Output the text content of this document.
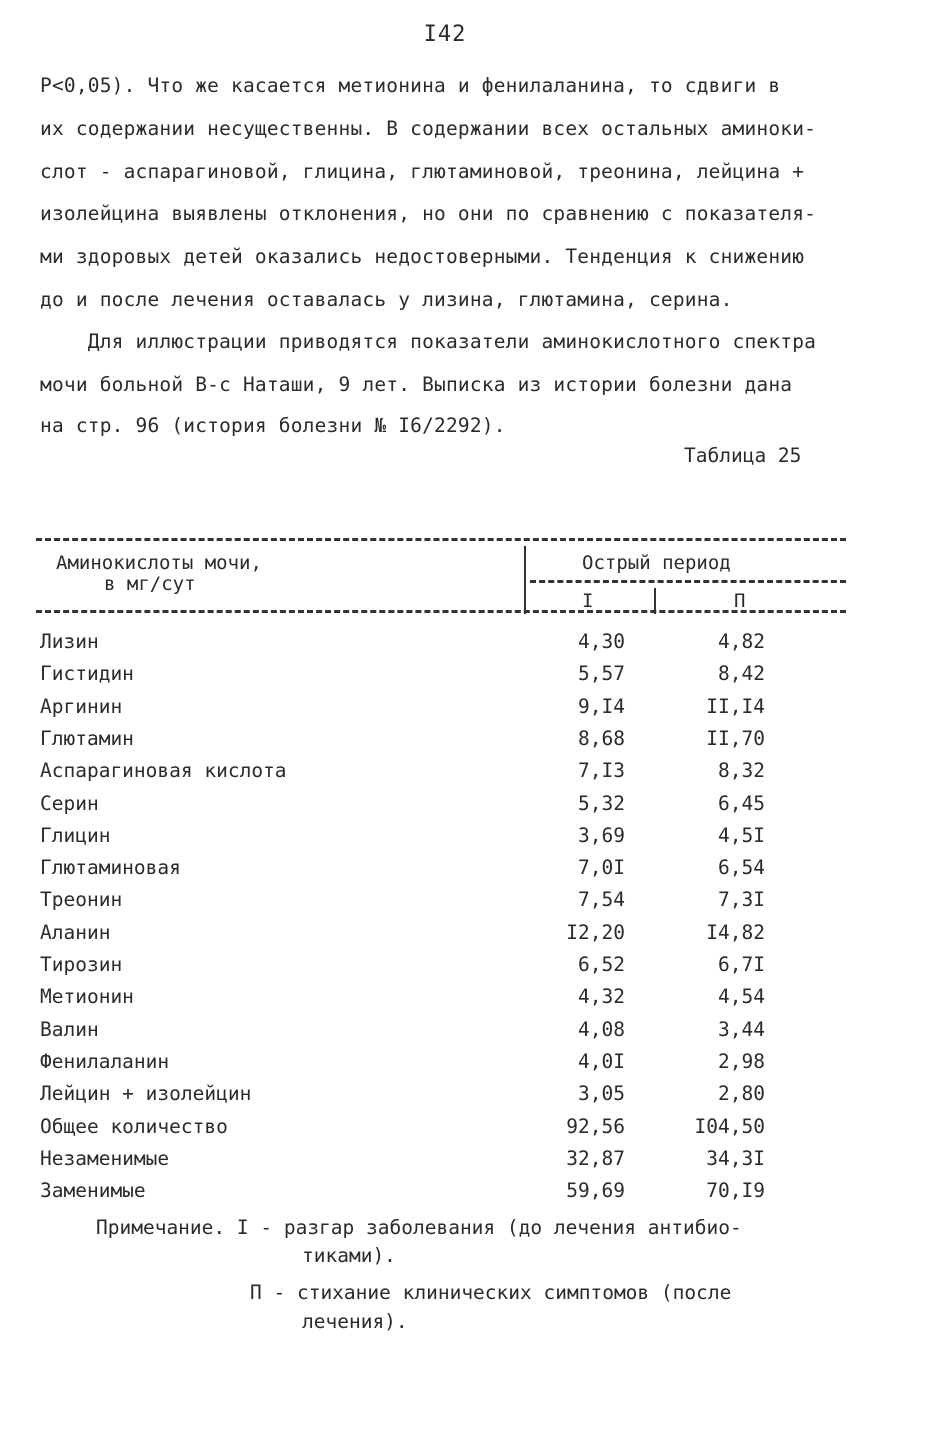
I42
P<0,05). Что же касается метионина и фенилаланина, то сдвиги в
их содержании несущественны. В содержании всех остальных аминоки-
слот - аспарагиновой, глицина, глютаминовой, треонина, лейцина +
изолейцина выявлены отклонения, но они по сравнению с показателя-
ми здоровых детей оказались недостоверными. Тенденция к снижению
до и после лечения оставалась у лизина, глютамина, серина.
Для иллюстрации приводятся показатели аминокислотного спектра
мочи больной В-с Наташи, 9 лет. Выписка из истории болезни дана
на стр. 96 (история болезни № I6/2292).
Таблица 25
Аминокислоты мочи,
в мг/сут
Острый период
I	П
Лизин	4,30	4,82
Гистидин	5,57	8,42
Аргинин	9,I4	II,I4
Глютамин	8,68	II,70
Аспарагиновая кислота	7,I3	8,32
Серин	5,32	6,45
Глицин	3,69	4,5I
Глютаминовая	7,0I	6,54
Треонин	7,54	7,3I
Аланин	I2,20	I4,82
Тирозин	6,52	6,7I
Метионин	4,32	4,54
Валин	4,08	3,44
Фенилаланин	4,0I	2,98
Лейцин + изолейцин	3,05	2,80
Общее количество	92,56	I04,50
Незаменимые	32,87	34,3I
Заменимые	59,69	70,I9
Примечание. I - разгар заболевания (до лечения антибио-
тиками).
П - стихание клинических симптомов (после
лечения).
